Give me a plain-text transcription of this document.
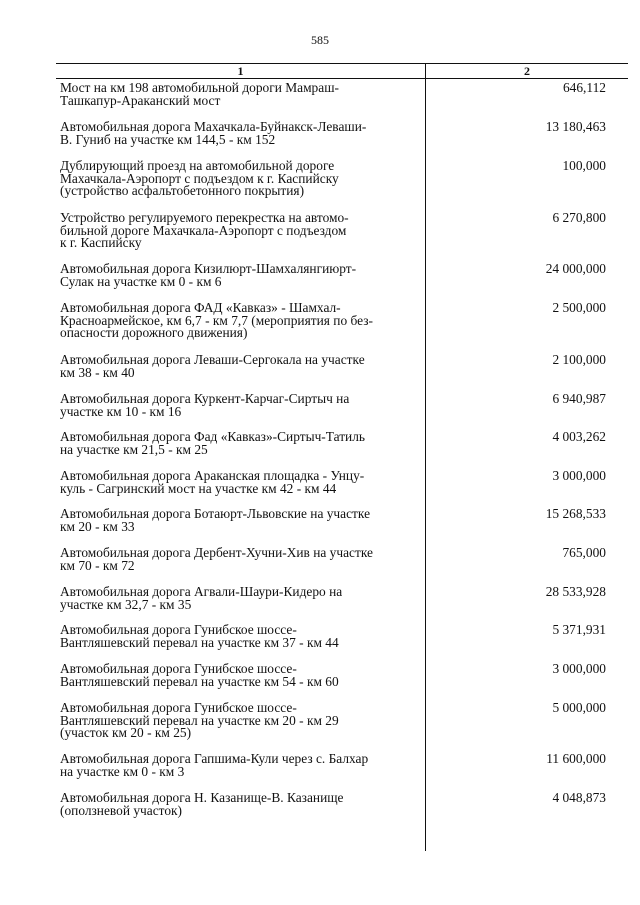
585
1	2
Мост на км 198 автомобильной дороги Мамраш-
Ташкапур-Араканский мост
646,112
Автомобильная дорога Махачкала-Буйнакск-Леваши-
В. Гуниб на участке км 144,5 - км 152
13 180,463
Дублирующий проезд на автомобильной дороге
Махачкала-Аэропорт с подъездом к г. Каспийску
(устройство асфальтобетонного покрытия)
100,000
Устройство регулируемого перекрестка на автомо-
бильной дороге Махачкала-Аэропорт с подъездом
к г. Каспийску
6 270,800
Автомобильная дорога Кизилюрт-Шамхалянгиюрт-
Сулак на участке км 0 - км 6
24 000,000
Автомобильная дорога ФАД «Кавказ» - Шамхал-
Красноармейское, км 6,7 - км 7,7 (мероприятия по без-
опасности дорожного движения)
2 500,000
Автомобильная дорога Леваши-Сергокала на участке
км 38 - км 40
2 100,000
Автомобильная дорога Куркент-Карчаг-Сиртыч на
участке км 10 - км 16
6 940,987
Автомобильная дорога Фад «Кавказ»-Сиртыч-Татиль
на участке км 21,5 - км 25
4 003,262
Автомобильная дорога Араканская площадка - Унцу-
куль - Сагринский мост на участке км 42 - км 44
3 000,000
Автомобильная дорога Ботаюрт-Львовские на участке
км 20 - км 33
15 268,533
Автомобильная дорога Дербент-Хучни-Хив на участке
км 70 - км 72
765,000
Автомобильная дорога Агвали-Шаури-Кидеро на
участке км 32,7 - км 35
28 533,928
Автомобильная дорога Гунибское шоссе-
Вантляшевский перевал на участке км 37 - км 44
5 371,931
Автомобильная дорога Гунибское шоссе-
Вантляшевский перевал на участке км 54 - км 60
3 000,000
Автомобильная дорога Гунибское шоссе-
Вантляшевский перевал на участке км 20 - км 29
(участок км 20 - км 25)
5 000,000
Автомобильная дорога Гапшима-Кули через с. Балхар
на участке км 0 - км 3
11 600,000
Автомобильная дорога Н. Казанище-В. Казанище
(оползневой участок)
4 048,873
